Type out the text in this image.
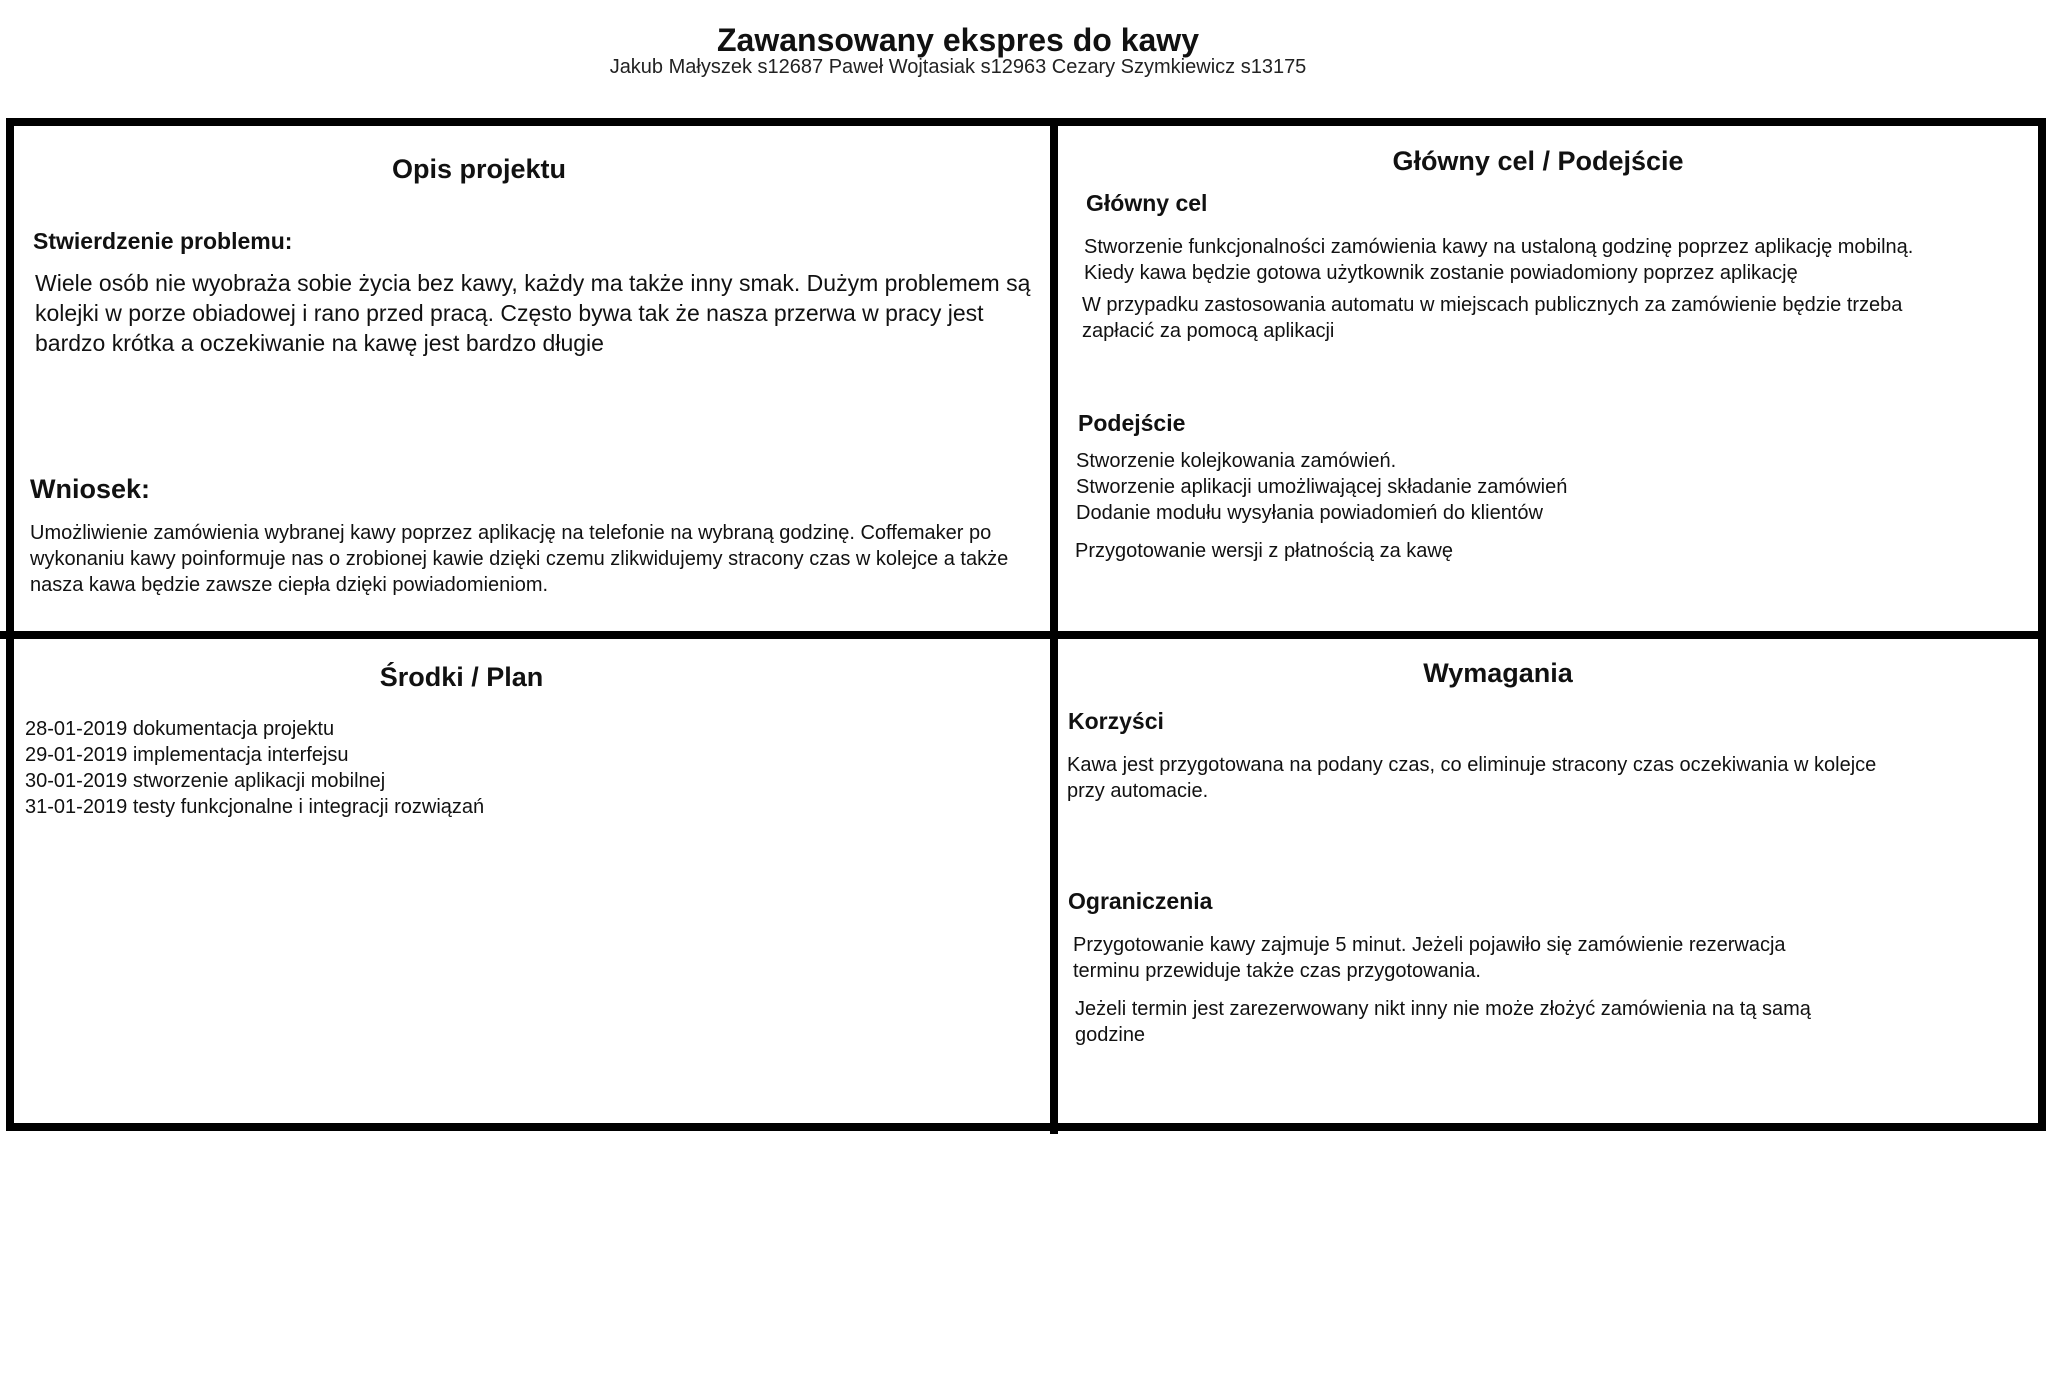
Zawansowany ekspres do kawy
Jakub Małyszek s12687 Paweł Wojtasiak s12963 Cezary Szymkiewicz s13175
Opis projektu
Stwierdzenie problemu:
Wiele osób nie wyobraża sobie życia bez kawy, każdy ma także inny smak. Dużym problemem są kolejki w porze obiadowej i rano przed pracą. Często bywa tak że nasza przerwa w pracy jest bardzo krótka a oczekiwanie na kawę jest bardzo długie
Wniosek:
Umożliwienie zamówienia wybranej kawy poprzez aplikację na telefonie na wybraną godzinę. Coffemaker po wykonaniu kawy poinformuje nas o zrobionej kawie dzięki czemu zlikwidujemy stracony czas w kolejce a także nasza kawa będzie zawsze ciepła dzięki powiadomieniom.
Główny cel / Podejście
Główny cel
Stworzenie funkcjonalności zamówienia kawy na ustaloną godzinę poprzez aplikację mobilną. Kiedy kawa będzie gotowa użytkownik zostanie powiadomiony poprzez aplikację
W przypadku zastosowania automatu w miejscach publicznych za zamówienie będzie trzeba zapłacić za pomocą aplikacji
Podejście
Stworzenie kolejkowania zamówień.
Stworzenie aplikacji umożliwającej składanie zamówień
Dodanie modułu wysyłania powiadomień do klientów
Przygotowanie wersji z płatnością za kawę
Środki / Plan
28-01-2019 dokumentacja projektu
29-01-2019 implementacja interfejsu
30-01-2019 stworzenie aplikacji mobilnej
31-01-2019 testy funkcjonalne i integracji rozwiązań
Wymagania
Korzyści
Kawa jest przygotowana na podany czas, co eliminuje stracony czas oczekiwania w kolejce przy automacie.
Ograniczenia
Przygotowanie kawy zajmuje 5 minut. Jeżeli pojawiło się zamówienie rezerwacja terminu przewiduje także czas przygotowania.
Jeżeli termin jest zarezerwowany nikt inny nie może złożyć zamówienia na tą samą godzine
